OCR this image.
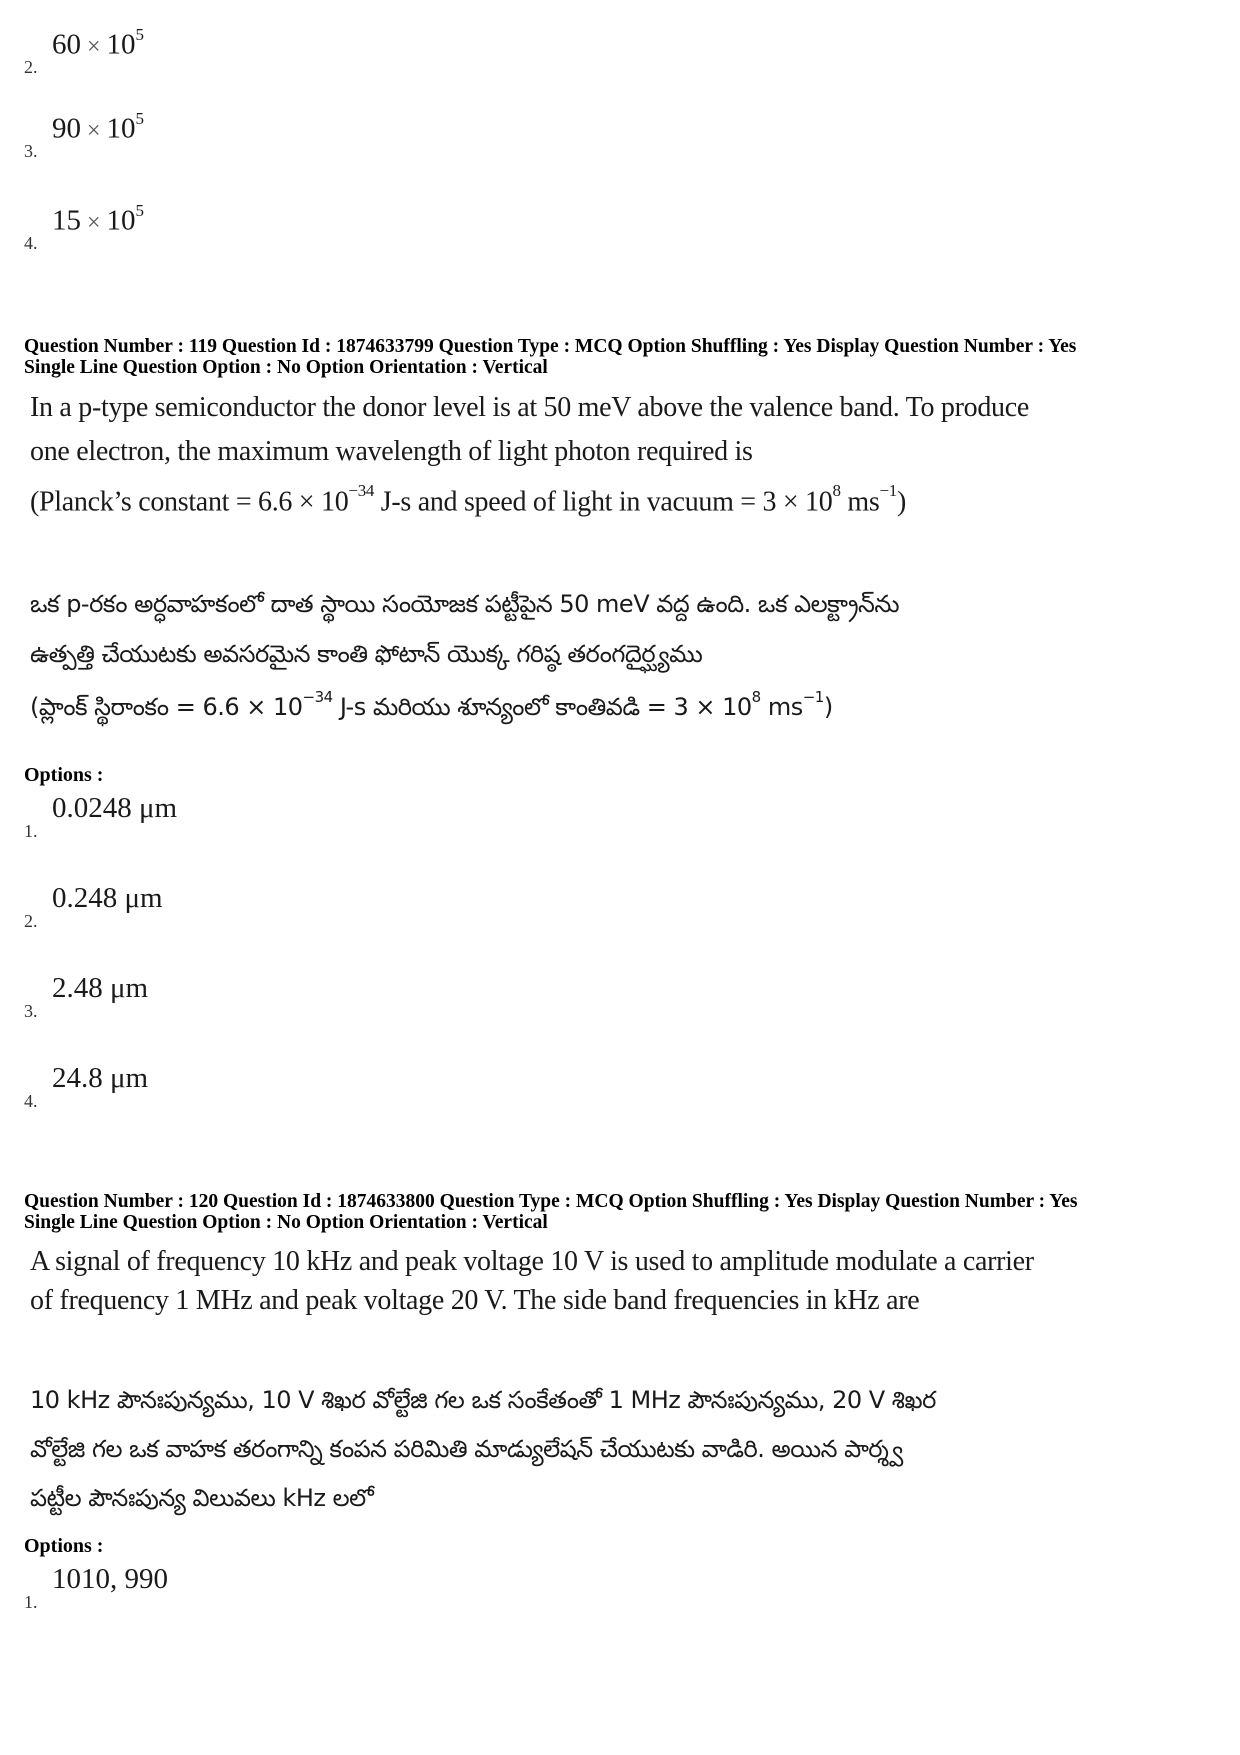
2.
$60 \times 10^5$
3.
$90 \times 10^5$
4.
$15 \times 10^5$
Question Number : 119 Question Id : 1874633799 Question Type : MCQ Option Shuffling : Yes Display Question Number : Yes
Single Line Question Option : No Option Orientation : Vertical
In a p-type semiconductor the donor level is at 50 meV above the valence band. To produce
one electron, the maximum wavelength of light photon required is
(Planck’s constant = $6.6 \times 10^{-34}$ J-s and speed of light in vacuum = $3 \times 10^8$ $ms^{-1}$)
ఒక p-రకం అర్ధవాహకంలో దాత స్థాయి సంయోజక పట్టీపైన 50 meV వద్ద ఉంది. ఒక ఎలక్ట్రాన్‌ను
ఉత్పత్తి చేయుటకు అవసరమైన కాంతి ఫోటాన్ యొక్క గరిష్ఠ తరంగదైర్ఘ్యము
(ప్లాంక్ స్థిరాంకం = $6.6 \times 10^{-34}$ J-s మరియు శూన్యంలో కాంతివడి = $3 \times 10^8$ $ms^{-1}$)
Options :
1.
0.0248 μm
2.
0.248 μm
3.
2.48 μm
4.
24.8 μm
Question Number : 120 Question Id : 1874633800 Question Type : MCQ Option Shuffling : Yes Display Question Number : Yes
Single Line Question Option : No Option Orientation : Vertical
A signal of frequency 10 kHz and peak voltage 10 V is used to amplitude modulate a carrier
of frequency 1 MHz and peak voltage 20 V. The side band frequencies in kHz are
10 kHz పౌనఃపున్యము, 10 V శిఖర వోల్టేజి గల ఒక సంకేతంతో 1 MHz పౌనఃపున్యము, 20 V శిఖర
వోల్టేజి గల ఒక వాహక తరంగాన్ని కంపన పరిమితి మాడ్యులేషన్ చేయుటకు వాడిరి. అయిన పార్శ్వ
పట్టీల పౌనఃపున్య విలువలు kHz లలో
Options :
1.
1010, 990
